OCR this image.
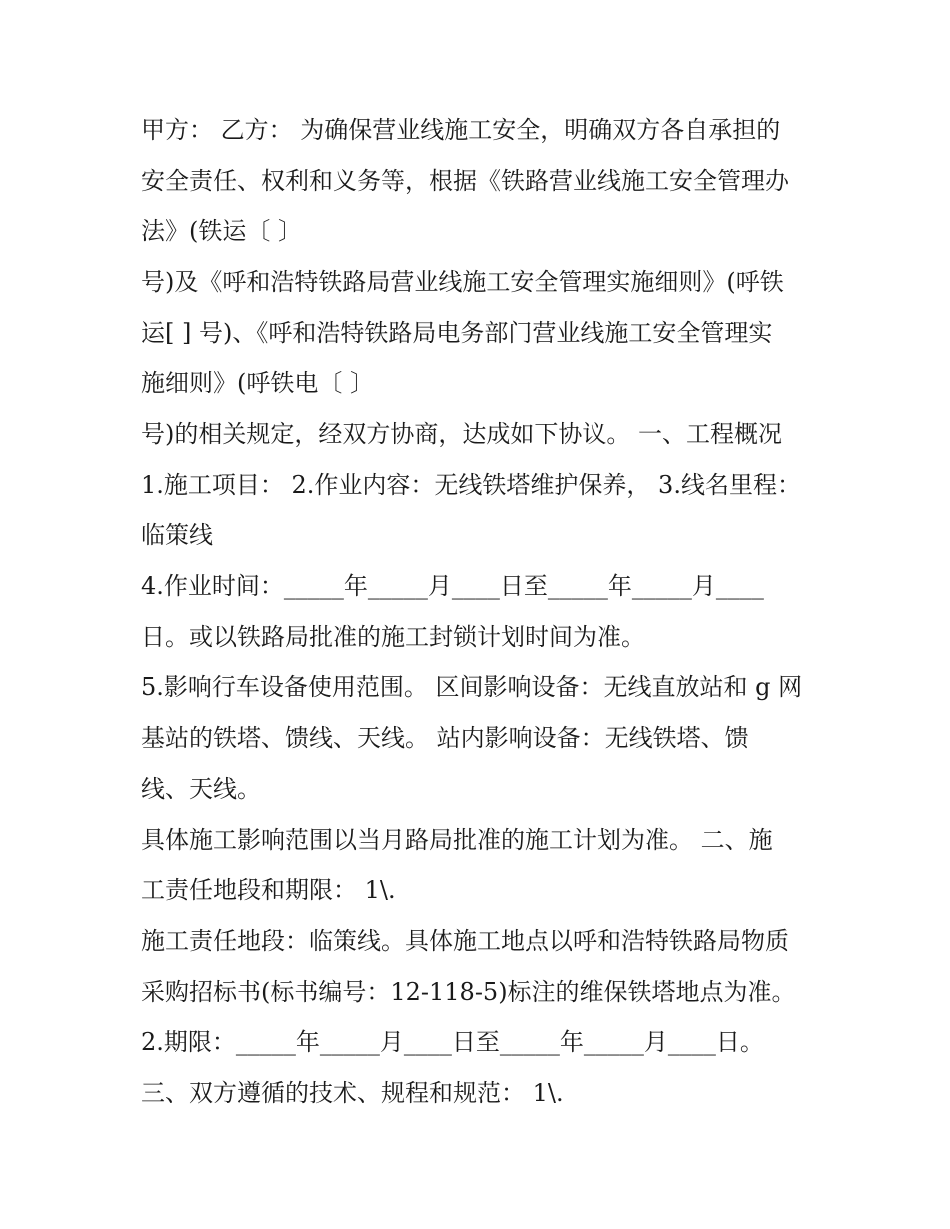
甲方： 乙方： 为确保营业线施工安全，明确双方各自承担的
安全责任、权利和义务等，根据《铁路营业线施工安全管理办
法》(铁运〔 〕
号)及《呼和浩特铁路局营业线施工安全管理实施细则》(呼铁
运[ ] 号)、《呼和浩特铁路局电务部门营业线施工安全管理实
施细则》(呼铁电〔 〕
号)的相关规定，经双方协商，达成如下协议。 一、工程概况
1.施工项目： 2.作业内容：无线铁塔维护保养， 3.线名里程：
临策线
4.作业时间：_____年_____月____日至_____年_____月____
日。或以铁路局批准的施工封锁计划时间为准。
5.影响行车设备使用范围。 区间影响设备：无线直放站和 g 网
基站的铁塔、馈线、天线。 站内影响设备：无线铁塔、馈
线、天线。
具体施工影响范围以当月路局批准的施工计划为准。 二、施
工责任地段和期限： 1\.
施工责任地段：临策线。具体施工地点以呼和浩特铁路局物质
采购招标书(标书编号：12-118-5)标注的维保铁塔地点为准。
2.期限：_____年_____月____日至_____年_____月____日。
三、双方遵循的技术、规程和规范： 1\.
